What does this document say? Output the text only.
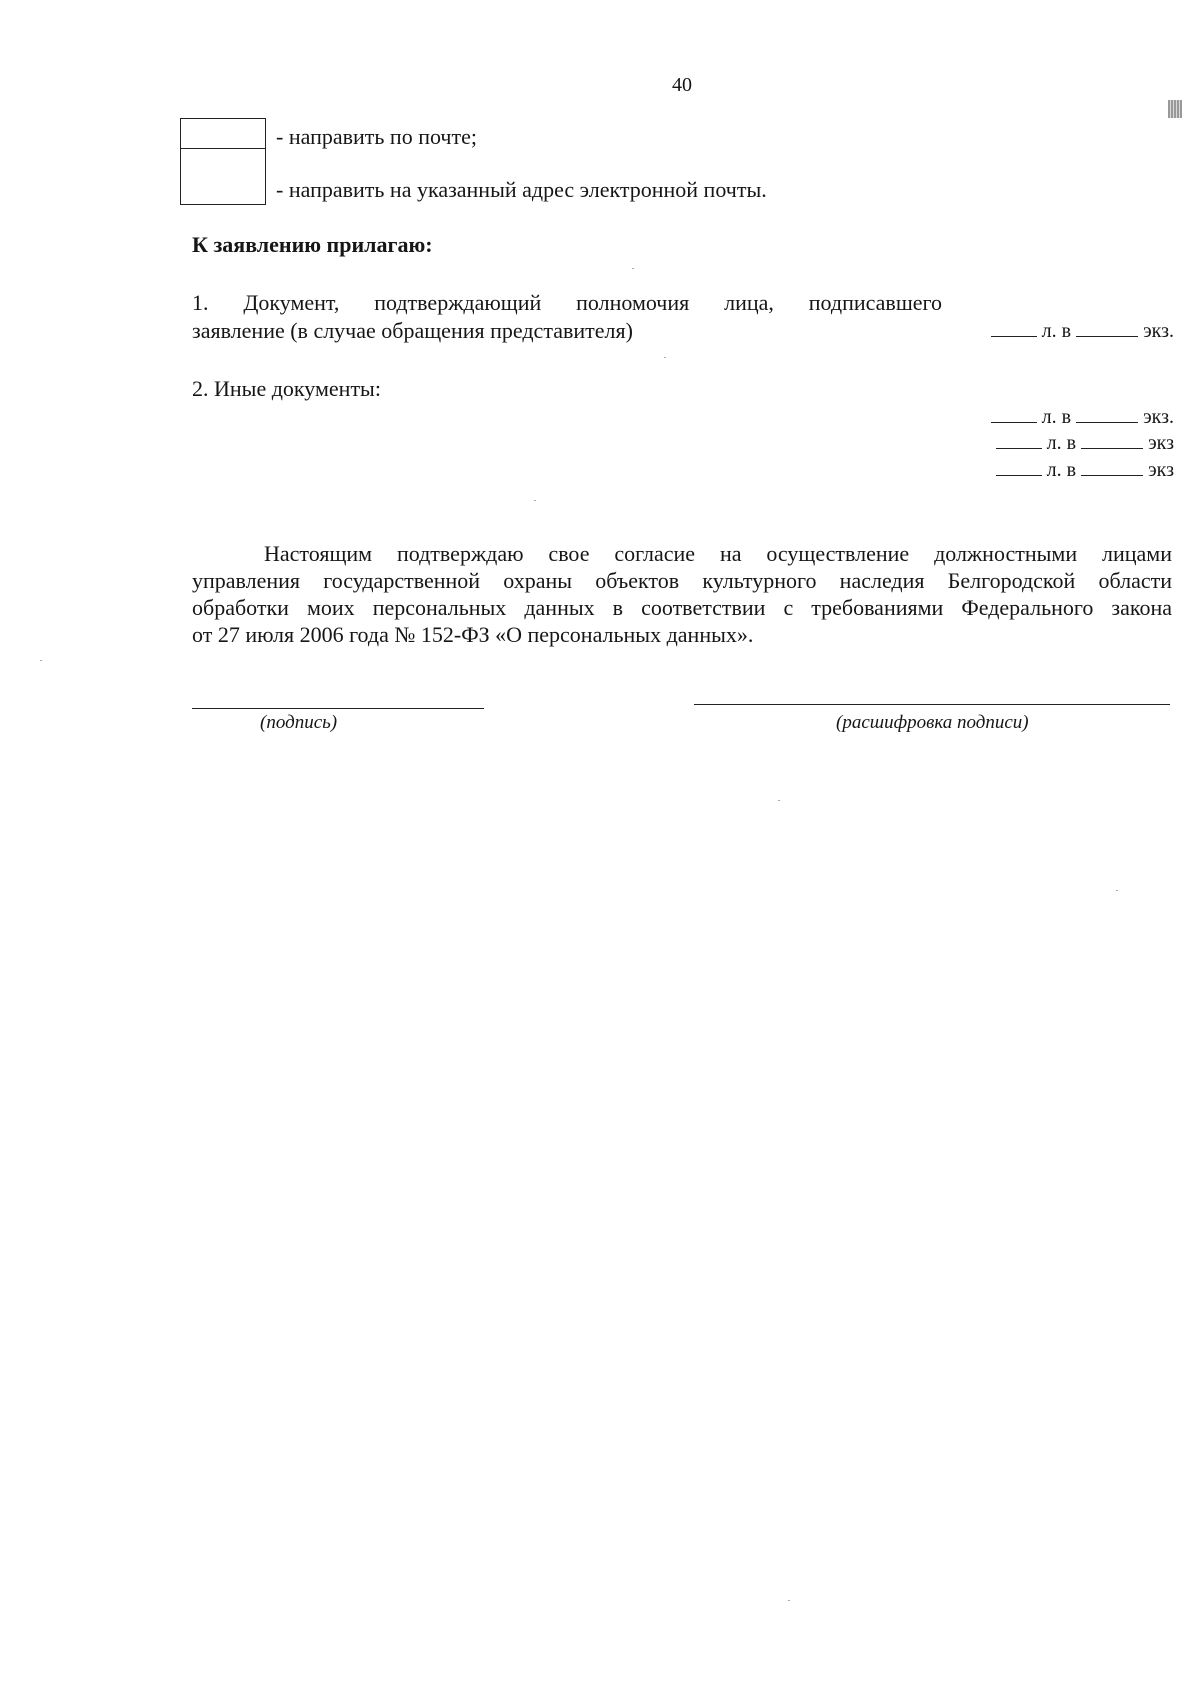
40
- направить по почте;
- направить на указанный адрес электронной почты.
К заявлению прилагаю:
1. Документ, подтверждающий полномочия лица, подписавшего
заявление (в случае обращения представителя)	л. в	экз.
2. Иные документы:
л. в	экз.
л. в	экз
л. в	экз
Настоящим подтверждаю свое согласие на осуществление должностными лицами
управления государственной охраны объектов культурного наследия Белгородской области
обработки моих персональных данных в соответствии с требованиями Федерального закона
от 27 июля 2006 года № 152-ФЗ «О персональных данных».
(подпись)	(расшифровка подписи)
